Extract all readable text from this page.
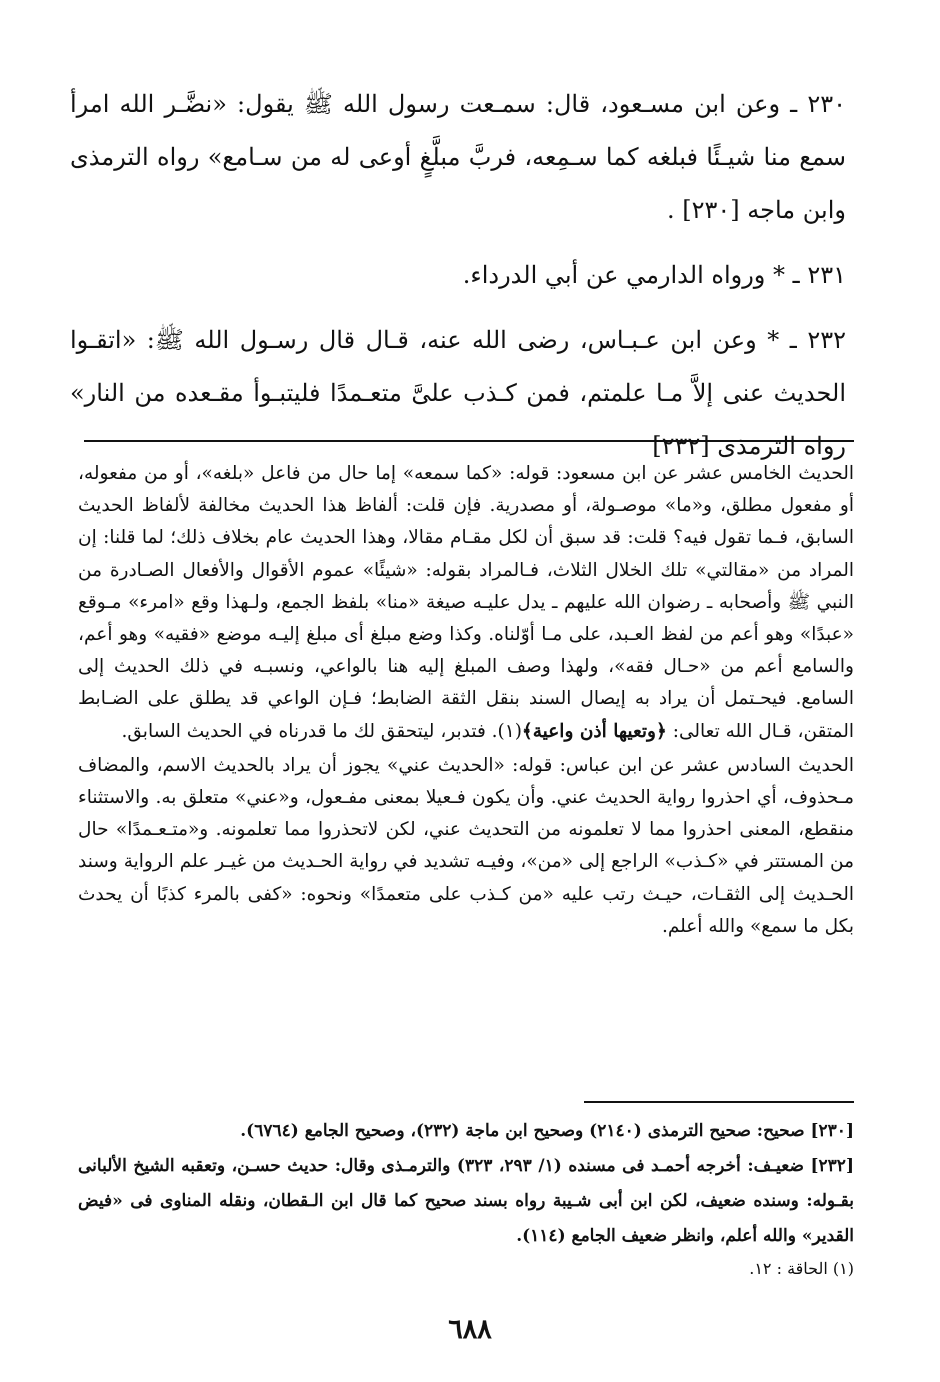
٢٣٠ ـ وعن ابن مسـعود، قال: سمـعت رسول الله ﷺ يقول: «نضَّـر الله امرأ سمع منا شيـئًا فبلغه كما سـمِعه، فربَّ مبلَّغٍ أوعى له من سـامع» رواه الترمذى وابن ماجه [٢٣٠] .

٢٣١ ـ * ورواه الدارمي عن أبي الدرداء.

٢٣٢ ـ * وعن ابن عـبـاس، رضى الله عنه، قـال قال رسـول الله ﷺ: «اتقـوا الحديث عنى إلاَّ مـا علمتم، فمن كـذب علىَّ متعـمدًا فليتبـوأ مقـعده من النار» رواه الترمذى [٢٣٢]

الحديث الخامس عشر عن ابن مسعود: قوله: «كما سمعه» إما حال من فاعل «بلغه»، أو من مفعوله، أو مفعول مطلق، و«ما» موصـولة، أو مصدرية. فإن قلت: ألفاظ هذا الحديث مخالفة لألفاظ الحديث السابق، فـما تقول فيه؟ قلت: قد سبق أن لكل مقـام مقالا، وهذا الحديث عام بخلاف ذلك؛ لما قلنا: إن المراد من «مقالتي» تلك الخلال الثلاث، فـالمراد بقوله: «شيئًا» عموم الأقوال والأفعال الصـادرة من النبي ﷺ وأصحابه ـ رضوان الله عليهم ـ يدل عليـه صيغة «منا» بلفظ الجمع، ولـهذا وقع «امرء» مـوقع «عبدًا» وهو أعم من لفظ العـبد، على مـا أوّلناه. وكذا وضع مبلغ أى مبلغ إليـه موضع «فقيه» وهو أعم، والسامع أعم من «حـال فقه»، ولهذا وصف المبلغ إليه هنا بالواعي، ونسبـه في ذلك الحديث إلى السامع. فيحـتمل أن يراد به إيصال السند بنقل الثقة الضابط؛ فـإن الواعي قد يطلق على الضـابط المتقن، قـال الله تعالى: ﴿وتعيها أذن واعية﴾(١). فتدبر، ليتحقق لك ما قدرناه في الحديث السابق.

الحديث السادس عشر عن ابن عباس: قوله: «الحديث عني» يجوز أن يراد بالحديث الاسم، والمضاف مـحذوف، أي احذروا رواية الحديث عني. وأن يكون فـعيلا بمعنى مفـعول، و«عني» متعلق به. والاستثناء منقطع، المعنى احذروا مما لا تعلمونه من التحديث عني، لكن لاتحذروا مما تعلمونه. و«متـعـمدًا» حال من المستتر في «كـذب» الراجع إلى «من»، وفيـه تشديد في رواية الحـديث من غيـر علم الرواية وسند الحـديث إلى الثقـات، حيـث رتب عليه «من كـذب على متعمدًا» ونحوه: «كفى بالمرء كذبًا أن يحدث بكل ما سمع» والله أعلم.

[٢٣٠] صحيح: صحيح الترمذى (٢١٤٠) وصحيح ابن ماجة (٢٣٢)، وصحيح الجامع (٦٧٦٤).

[٢٣٢] ضعيـف: أخرجه أحمـد فى مسنده (١/ ٢٩٣، ٣٢٣) والترمـذى وقال: حديث حسـن، وتعقبه الشيخ الألبانى بقـوله: وسنده ضعيف، لكن ابن أبى شـيبة رواه بسند صحيح كما قال ابن الـقطان، ونقله المناوى فى «فيض القدير» والله أعلم، وانظر ضعيف الجامع (١١٤).

(١) الحاقة : ١٢.

٦٨٨
